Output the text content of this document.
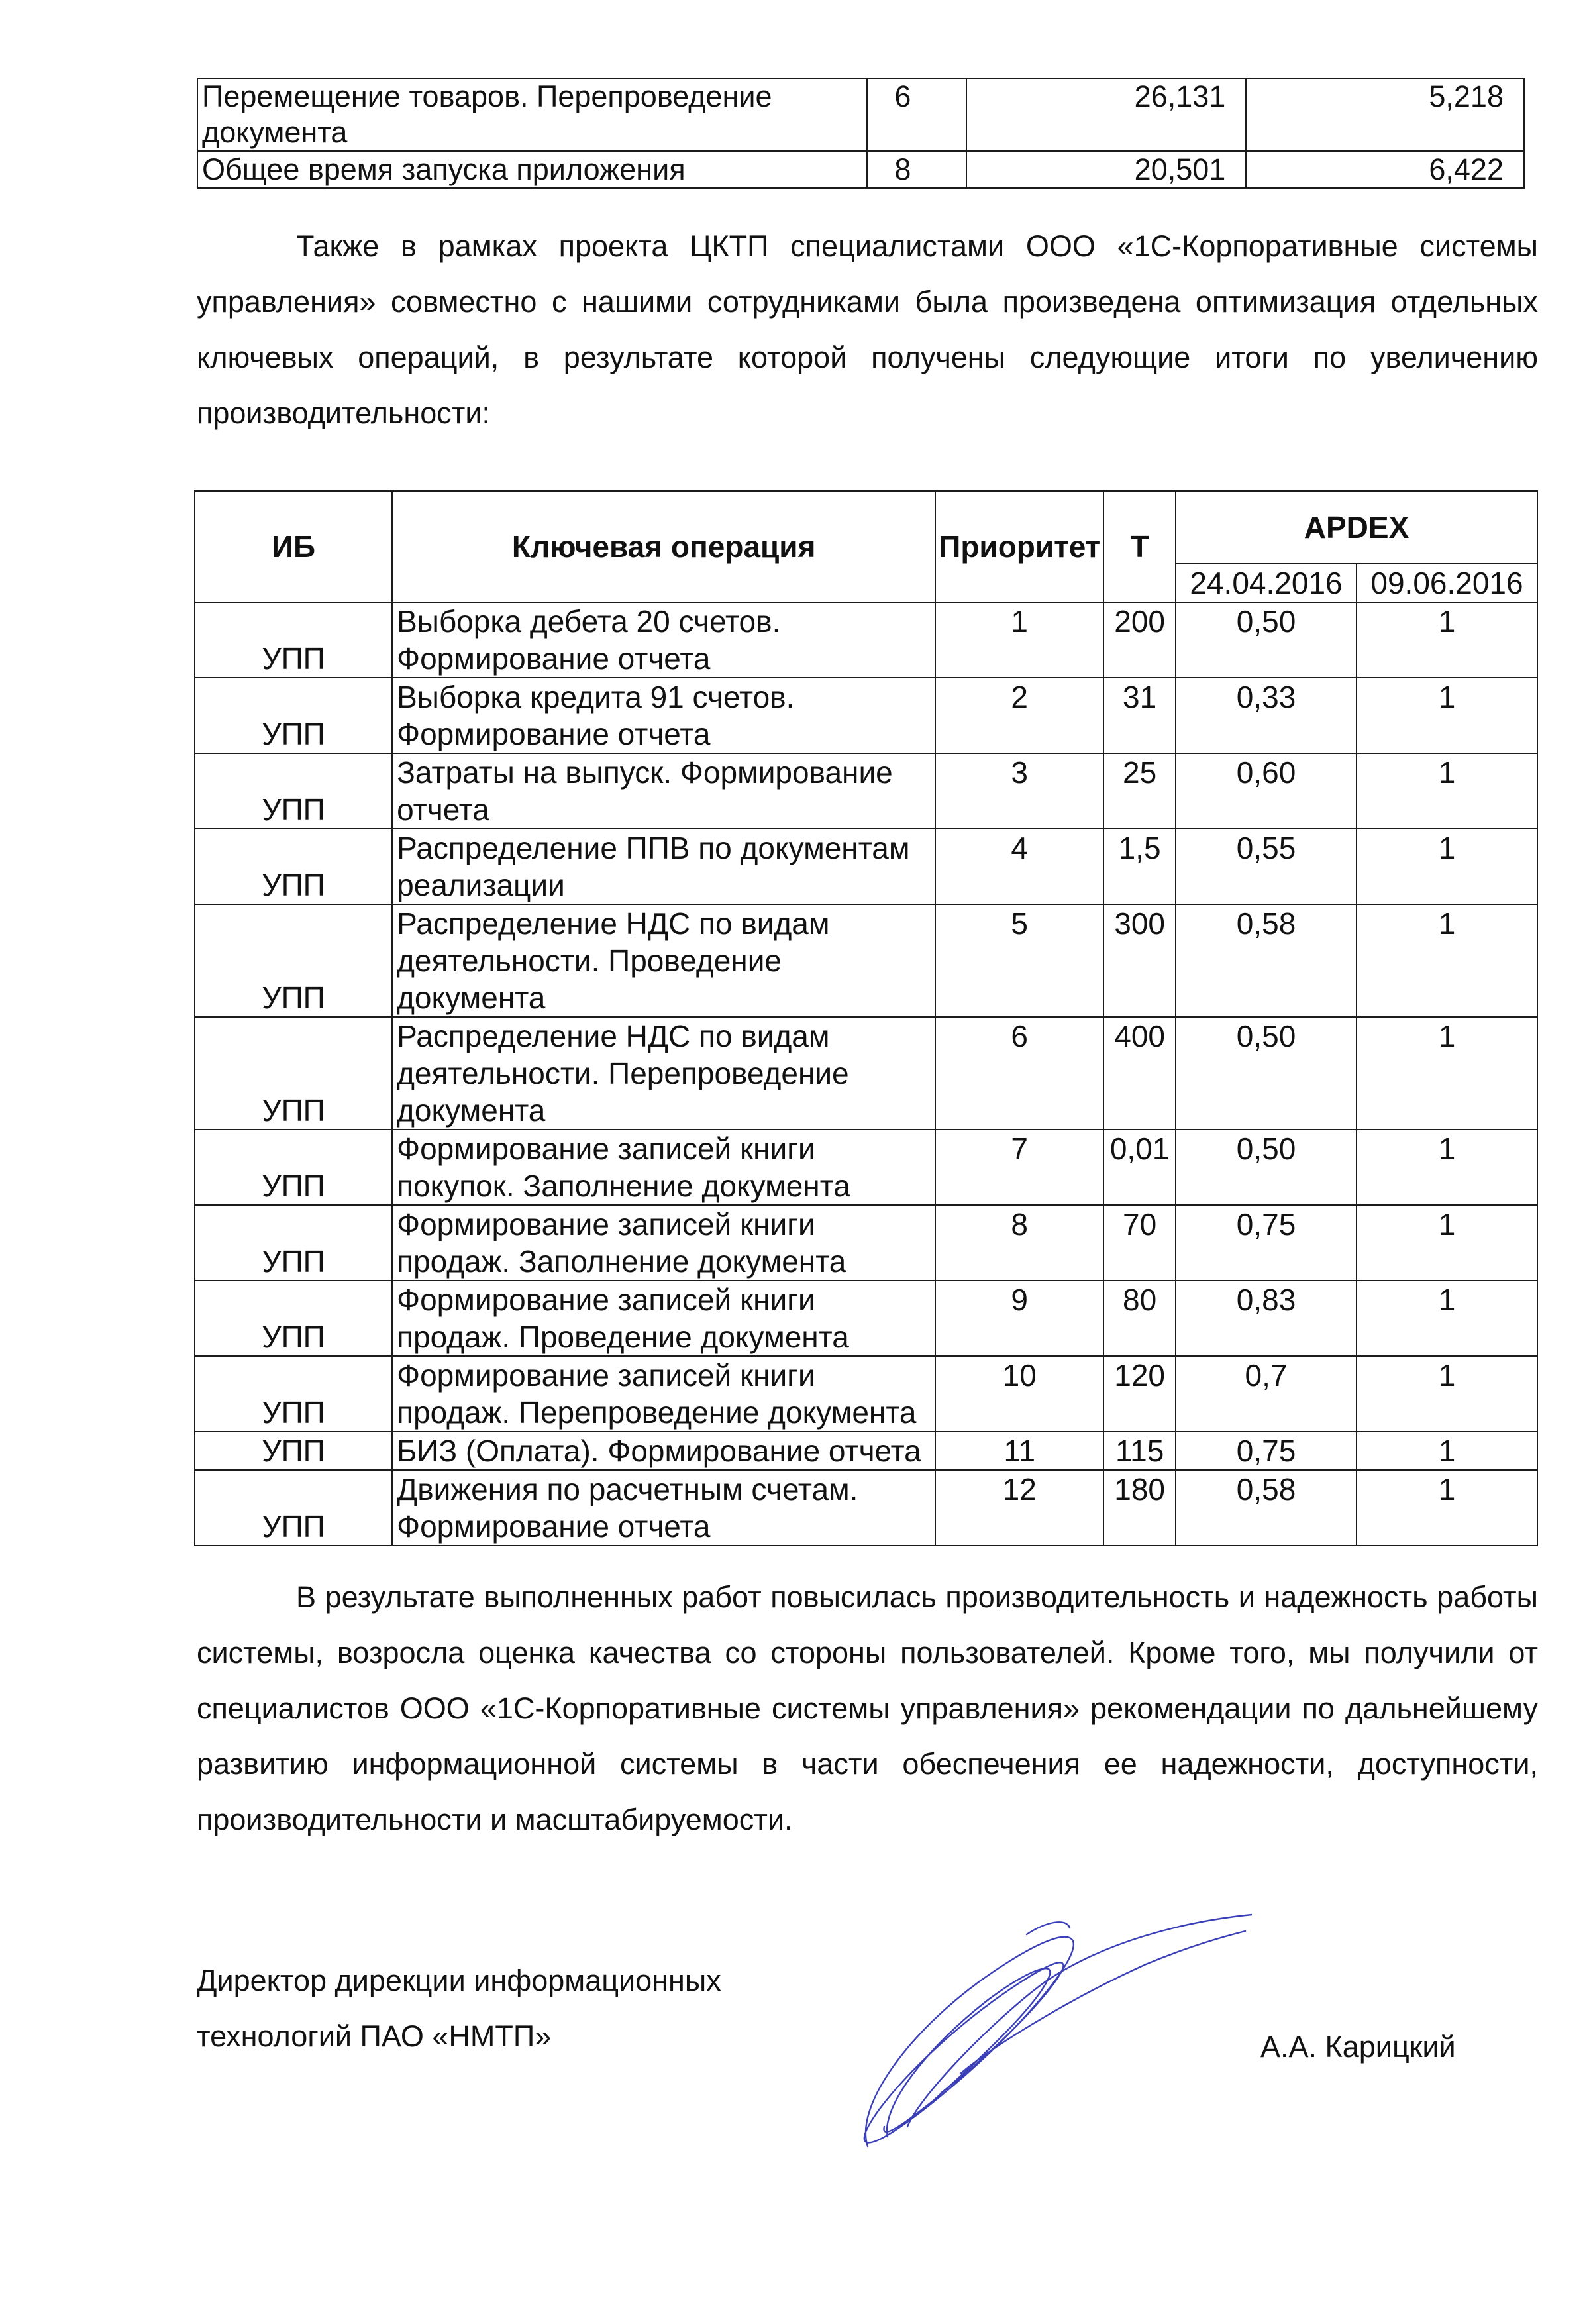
Перемещение товаров. Перепроведение документа	6	26,131	5,218
Общее время запуска приложения	8	20,501	6,422

Также в рамках проекта ЦКТП специалистами ООО «1С-Корпоративные системы управления» совместно с нашими сотрудниками была произведена оптимизация отдельных ключевых операций, в результате которой получены следующие итоги по увеличению производительности:

ИБ	Ключевая операция	Приоритет	Т	APDEX	
				24.04.2016	09.06.2016
УПП	Выборка дебета 20 счетов. Формирование отчета	1	200	0,50	1
УПП	Выборка кредита 91 счетов. Формирование отчета	2	31	0,33	1
УПП	Затраты на выпуск. Формирование отчета	3	25	0,60	1
УПП	Распределение ППВ по документам реализации	4	1,5	0,55	1
УПП	Распределение НДС по видам деятельности. Проведение документа	5	300	0,58	1
УПП	Распределение НДС по видам деятельности. Перепроведение документа	6	400	0,50	1
УПП	Формирование записей книги покупок. Заполнение документа	7	0,01	0,50	1
УПП	Формирование записей книги продаж. Заполнение документа	8	70	0,75	1
УПП	Формирование записей книги продаж. Проведение документа	9	80	0,83	1
УПП	Формирование записей книги продаж. Перепроведение документа	10	120	0,7	1
УПП	БИЗ (Оплата). Формирование отчета	11	115	0,75	1
УПП	Движения по расчетным счетам. Формирование отчета	12	180	0,58	1

В результате выполненных работ повысилась производительность и надежность работы системы, возросла оценка качества со стороны пользователей. Кроме того, мы получили от специалистов ООО «1С-Корпоративные системы управления» рекомендации по дальнейшему развитию информационной системы в части обеспечения ее надежности, доступности, производительности и масштабируемости.

Директор дирекции информационных
технологий ПАО «НМТП»	А.А. Карицкий
